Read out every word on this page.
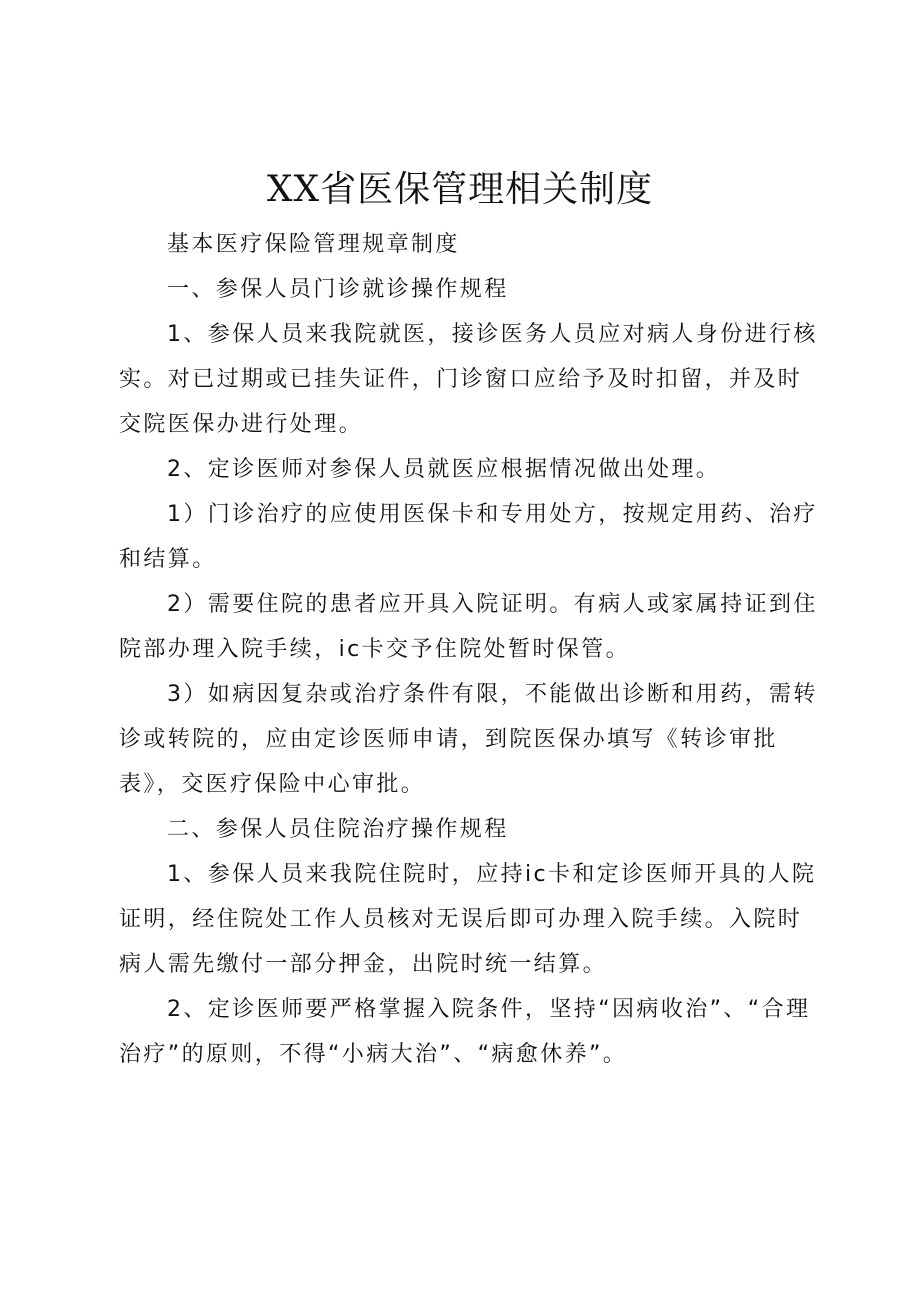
XX省医保管理相关制度

基本医疗保险管理规章制度

一、参保人员门诊就诊操作规程

1、参保人员来我院就医，接诊医务人员应对病人身份进行核实。对已过期或已挂失证件，门诊窗口应给予及时扣留，并及时交院医保办进行处理。

2、定诊医师对参保人员就医应根据情况做出处理。

1）门诊治疗的应使用医保卡和专用处方，按规定用药、治疗和结算。

2）需要住院的患者应开具入院证明。有病人或家属持证到住院部办理入院手续，ic卡交予住院处暂时保管。

3）如病因复杂或治疗条件有限，不能做出诊断和用药，需转诊或转院的，应由定诊医师申请，到院医保办填写《转诊审批表》，交医疗保险中心审批。

二、参保人员住院治疗操作规程

1、参保人员来我院住院时，应持ic卡和定诊医师开具的人院证明，经住院处工作人员核对无误后即可办理入院手续。入院时病人需先缴付一部分押金，出院时统一结算。

2、定诊医师要严格掌握入院条件，坚持“因病收治”、“合理治疗”的原则，不得“小病大治”、“病愈休养”。
